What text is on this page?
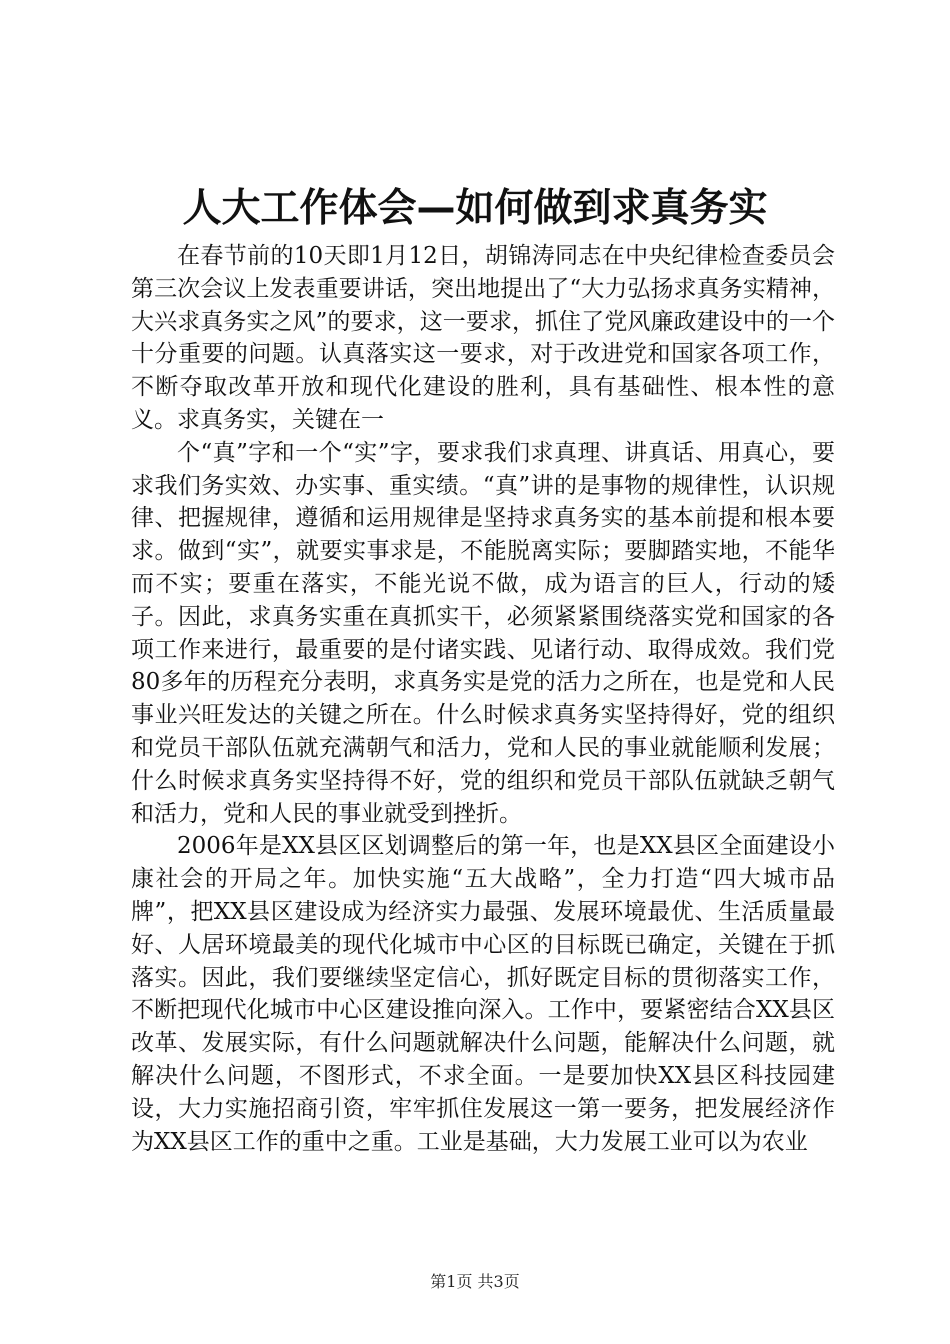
人大工作体会—如何做到求真务实

在春节前的10天即1月12日，胡锦涛同志在中央纪律检查委员会第三次会议上发表重要讲话，突出地提出了“大力弘扬求真务实精神，大兴求真务实之风”的要求，这一要求，抓住了党风廉政建设中的一个十分重要的问题。认真落实这一要求，对于改进党和国家各项工作，不断夺取改革开放和现代化建设的胜利，具有基础性、根本性的意义。求真务实，关键在一

个“真”字和一个“实”字，要求我们求真理、讲真话、用真心，要求我们务实效、办实事、重实绩。“真”讲的是事物的规律性，认识规律、把握规律，遵循和运用规律是坚持求真务实的基本前提和根本要求。做到“实”，就要实事求是，不能脱离实际；要脚踏实地，不能华而不实；要重在落实，不能光说不做，成为语言的巨人，行动的矮子。因此，求真务实重在真抓实干，必须紧紧围绕落实党和国家的各项工作来进行，最重要的是付诸实践、见诸行动、取得成效。我们党80多年的历程充分表明，求真务实是党的活力之所在，也是党和人民事业兴旺发达的关键之所在。什么时候求真务实坚持得好，党的组织和党员干部队伍就充满朝气和活力，党和人民的事业就能顺利发展；什么时候求真务实坚持得不好，党的组织和党员干部队伍就缺乏朝气和活力，党和人民的事业就受到挫折。

2006年是XX县区区划调整后的第一年，也是XX县区全面建设小康社会的开局之年。加快实施“五大战略”，全力打造“四大城市品牌”，把XX县区建设成为经济实力最强、发展环境最优、生活质量最好、人居环境最美的现代化城市中心区的目标既已确定，关键在于抓落实。因此，我们要继续坚定信心，抓好既定目标的贯彻落实工作，不断把现代化城市中心区建设推向深入。工作中，要紧密结合XX县区改革、发展实际，有什么问题就解决什么问题，能解决什么问题，就解决什么问题，不图形式，不求全面。一是要加快XX县区科技园建设，大力实施招商引资，牢牢抓住发展这一第一要务，把发展经济作为XX县区工作的重中之重。工业是基础，大力发展工业可以为农业

第1页 共3页
